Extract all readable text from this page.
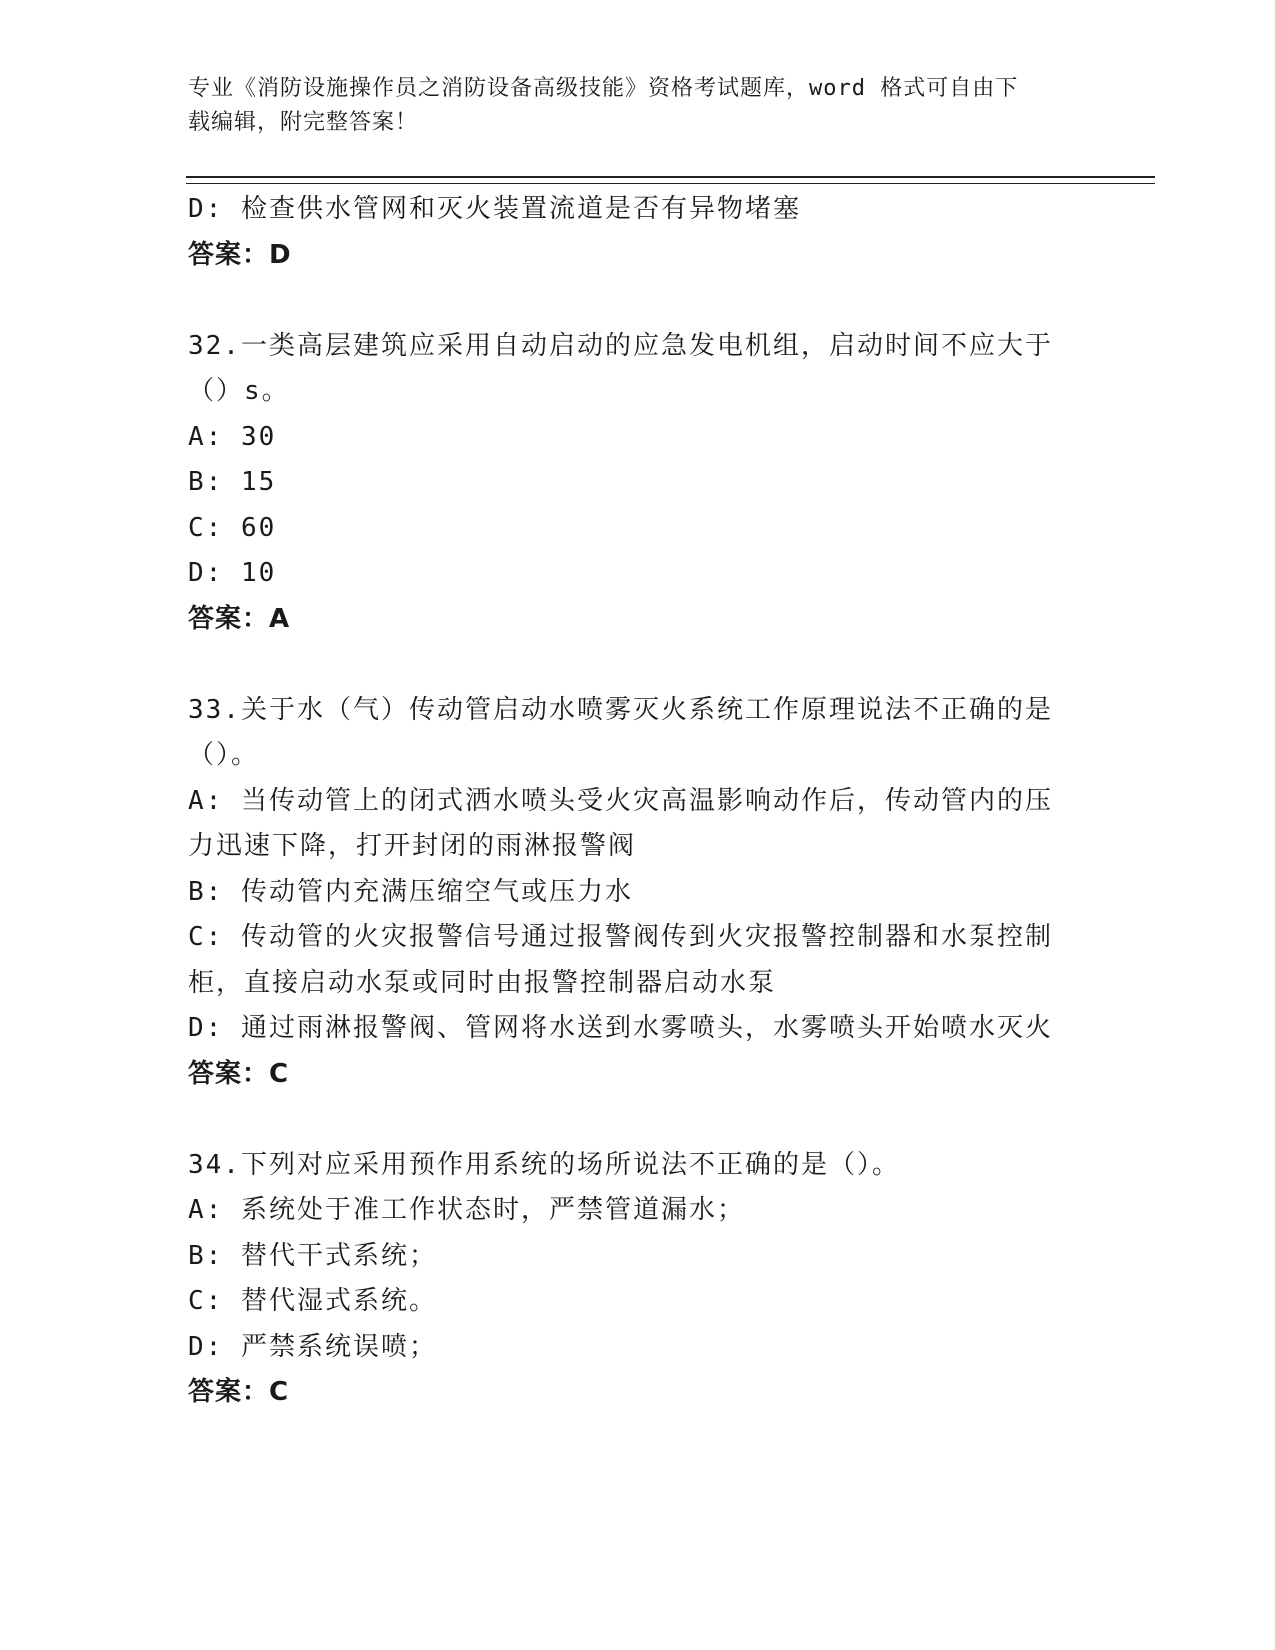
专业《消防设施操作员之消防设备高级技能》资格考试题库，word 格式可自由下
载编辑，附完整答案！
D: 检查供水管网和灭火装置流道是否有异物堵塞
答案：D
32.一类高层建筑应采用自动启动的应急发电机组，启动时间不应大于
（）s。
A: 30
B: 15
C: 60
D: 10
答案：A
33.关于水（气）传动管启动水喷雾灭火系统工作原理说法不正确的是
（）。
A: 当传动管上的闭式洒水喷头受火灾高温影响动作后，传动管内的压
力迅速下降，打开封闭的雨淋报警阀
B: 传动管内充满压缩空气或压力水
C: 传动管的火灾报警信号通过报警阀传到火灾报警控制器和水泵控制
柜，直接启动水泵或同时由报警控制器启动水泵
D: 通过雨淋报警阀、管网将水送到水雾喷头，水雾喷头开始喷水灭火
答案：C
34.下列对应采用预作用系统的场所说法不正确的是（）。
A: 系统处于准工作状态时，严禁管道漏水；
B: 替代干式系统；
C: 替代湿式系统。
D: 严禁系统误喷；
答案：C
